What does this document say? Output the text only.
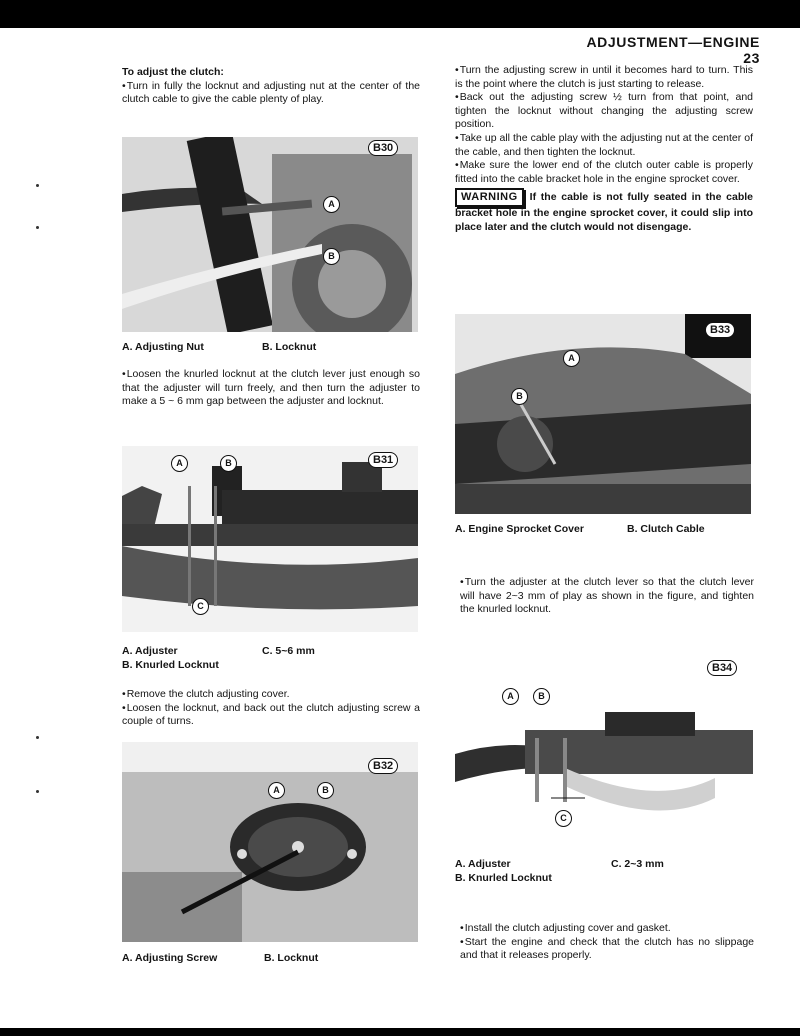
ADJUSTMENT—ENGINE 23

To adjust the clutch:

• Turn in fully the locknut and adjusting nut at the center of the clutch cable to give the cable plenty of play.

B30
A
B
A. Adjusting Nut	B. Locknut

• Loosen the knurled locknut at the clutch lever just enough so that the adjuster will turn freely, and then turn the adjuster to make a 5 ~ 6 mm gap between the adjuster and locknut.

B31
A	B
C

A. Adjuster

B. Knurled Locknut

C. 5~6 mm

• Remove the clutch adjusting cover.

• Loosen the locknut, and back out the clutch adjusting screw a couple of turns.

B32
A	B
A. Adjusting Screw	B. Locknut

• Turn the adjusting screw in until it becomes hard to turn. This is the point where the clutch is just starting to release.

• Back out the adjusting screw ½ turn from that point, and tighten the locknut without changing the adjusting screw position.

• Take up all the cable play with the adjusting nut at the center of the cable, and then tighten the locknut.

• Make sure the lower end of the clutch outer cable is properly fitted into the cable bracket hole in the engine sprocket cover.

WARNING If the cable is not fully seated in the cable bracket hole in the engine sprocket cover, it could slip into place later and the clutch would not disengage.

B33
A
B
A. Engine Sprocket Cover	B. Clutch Cable

• Turn the adjuster at the clutch lever so that the clutch lever will have 2~3 mm of play as shown in the figure, and tighten the knurled locknut.

B34
A	B
C

A. Adjuster

B. Knurled Locknut

C. 2~3 mm

• Install the clutch adjusting cover and gasket.

• Start the engine and check that the clutch has no slippage and that it releases properly.
